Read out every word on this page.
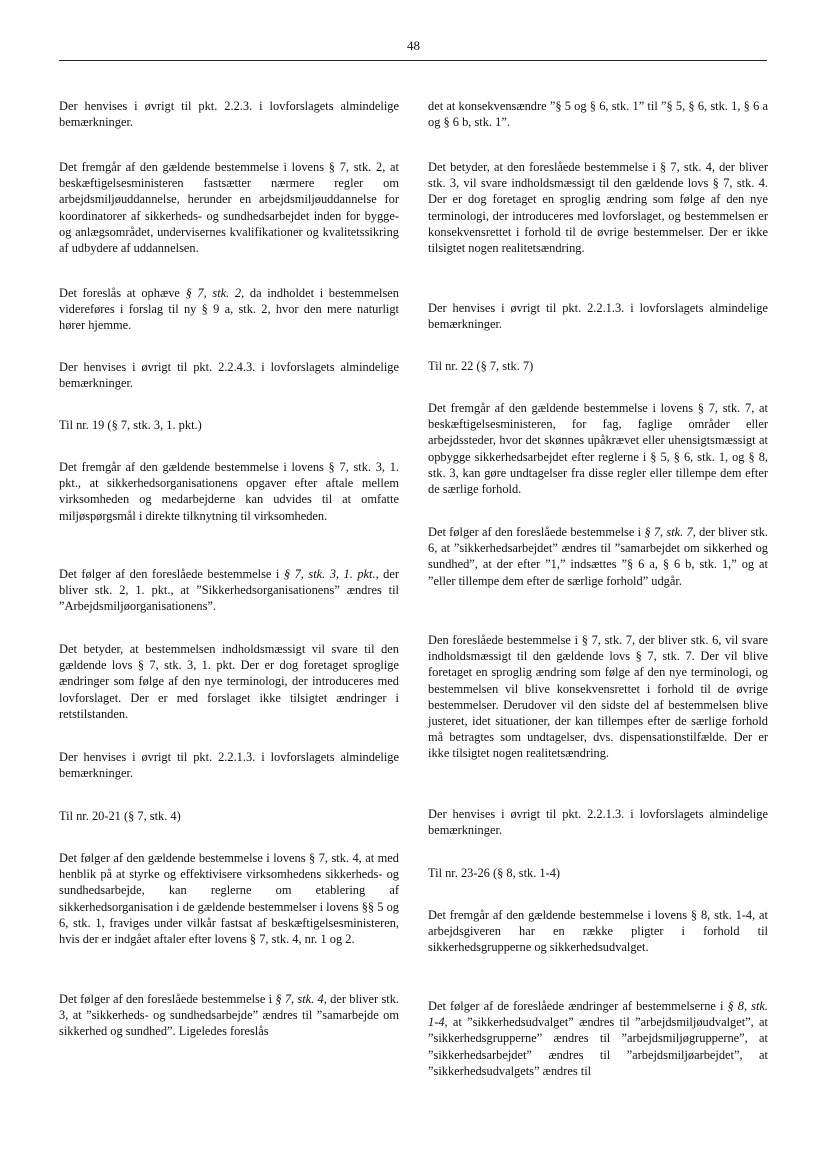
48

Der henvises i øvrigt til pkt. 2.2.3. i lovforslagets almindelige bemærkninger.

Det fremgår af den gældende bestemmelse i lovens § 7, stk. 2, at beskæftigelsesministeren fastsætter nærmere regler om arbejdsmiljøuddannelse, herunder en arbejdsmiljøuddannelse for koordinatorer af sikkerheds- og sundhedsarbejdet inden for bygge- og anlægsområdet, undervisernes kvalifikationer og kvalitetssikring af udbydere af uddannelsen.

Det foreslås at ophæve § 7, stk. 2, da indholdet i bestemmelsen videreføres i forslag til ny § 9 a, stk. 2, hvor den mere naturligt hører hjemme.

Der henvises i øvrigt til pkt. 2.2.4.3. i lovforslagets almindelige bemærkninger.

Til nr. 19 (§ 7, stk. 3, 1. pkt.)

Det fremgår af den gældende bestemmelse i lovens § 7, stk. 3, 1. pkt., at sikkerhedsorganisationens opgaver efter aftale mellem virksomheden og medarbejderne kan udvides til at omfatte miljøspørgsmål i direkte tilknytning til virksomheden.

Det følger af den foreslåede bestemmelse i § 7, stk. 3, 1. pkt., der bliver stk. 2, 1. pkt., at ”Sikkerhedsorganisationens” ændres til ”Arbejdsmiljøorganisationens”.

Det betyder, at bestemmelsen indholdsmæssigt vil svare til den gældende lovs § 7, stk. 3, 1. pkt. Der er dog foretaget sproglige ændringer som følge af den nye terminologi, der introduceres med lovforslaget. Der er med forslaget ikke tilsigtet ændringer i retstilstanden.

Der henvises i øvrigt til pkt. 2.2.1.3. i lovforslagets almindelige bemærkninger.

Til nr. 20-21 (§ 7, stk. 4)

Det følger af den gældende bestemmelse i lovens § 7, stk. 4, at med henblik på at styrke og effektivisere virksomhedens sikkerheds- og sundhedsarbejde, kan reglerne om etablering af sikkerhedsorganisation i de gældende bestemmelser i lovens §§ 5 og 6, stk. 1, fraviges under vilkår fastsat af beskæftigelsesministeren, hvis der er indgået aftaler efter lovens § 7, stk. 4, nr. 1 og 2.

Det følger af den foreslåede bestemmelse i § 7, stk. 4, der bliver stk. 3, at ”sikkerheds- og sundhedsarbejde” ændres til ”samarbejde om sikkerhed og sundhed”. Ligeledes foreslås

det at konsekvensændre ”§ 5 og § 6, stk. 1” til ”§ 5, § 6, stk. 1, § 6 a og § 6 b, stk. 1”.

Det betyder, at den foreslåede bestemmelse i § 7, stk. 4, der bliver stk. 3, vil svare indholdsmæssigt til den gældende lovs § 7, stk. 4. Der er dog foretaget en sproglig ændring som følge af den nye terminologi, der introduceres med lovforslaget, og bestemmelsen er konsekvensrettet i forhold til de øvrige bestemmelser. Der er ikke tilsigtet nogen realitetsændring.

Der henvises i øvrigt til pkt. 2.2.1.3. i lovforslagets almindelige bemærkninger.

Til nr. 22 (§ 7, stk. 7)

Det fremgår af den gældende bestemmelse i lovens § 7, stk. 7, at beskæftigelsesministeren, for fag, faglige områder eller arbejdssteder, hvor det skønnes upåkrævet eller uhensigtsmæssigt at opbygge sikkerhedsarbejdet efter reglerne i § 5, § 6, stk. 1, og § 8, stk. 3, kan gøre undtagelser fra disse regler eller tillempe dem efter de særlige forhold.

Det følger af den foreslåede bestemmelse i § 7, stk. 7, der bliver stk. 6, at ”sikkerhedsarbejdet” ændres til ”samarbejdet om sikkerhed og sundhed”, at der efter ”1,” indsættes ”§ 6 a, § 6 b, stk. 1,” og at ”eller tillempe dem efter de særlige forhold” udgår.

Den foreslåede bestemmelse i § 7, stk. 7, der bliver stk. 6, vil svare indholdsmæssigt til den gældende lovs § 7, stk. 7. Der vil blive foretaget en sproglig ændring som følge af den nye terminologi, og bestemmelsen vil blive konsekvensrettet i forhold til de øvrige bestemmelser. Derudover vil den sidste del af bestemmelsen blive justeret, idet situationer, der kan tillempes efter de særlige forhold må betragtes som undtagelser, dvs. dispensationstilfælde. Der er ikke tilsigtet nogen realitetsændring.

Der henvises i øvrigt til pkt. 2.2.1.3. i lovforslagets almindelige bemærkninger.

Til nr. 23-26 (§ 8, stk. 1-4)

Det fremgår af den gældende bestemmelse i lovens § 8, stk. 1-4, at arbejdsgiveren har en række pligter i forhold til sikkerhedsgrupperne og sikkerhedsudvalget.

Det følger af de foreslåede ændringer af bestemmelserne i § 8, stk. 1-4, at ”sikkerhedsudvalget” ændres til ”arbejdsmiljøudvalget”, at ”sikkerhedsgrupperne” ændres til ”arbejdsmiljøgrupperne”, at ”sikkerhedsarbejdet” ændres til ”arbejdsmiljøarbejdet”, at ”sikkerhedsudvalgets” ændres til
